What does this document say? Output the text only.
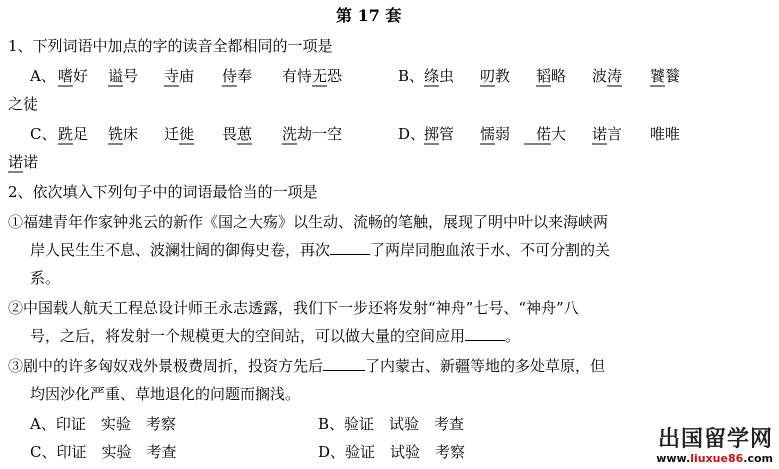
第 17 套
1、下列词语中加点的字的读音全都相同的一项是
A、 嗜好 谥号 寺庙 侍奉 有恃无恐	B、 绦虫 叨教 韬略 波涛 饕餮
之徒
C、 跣足 铣床 迁徙 畏葸 洗劫一空	D、
掷管 懦弱 偌大 诺言 唯唯
诺诺
2、依次填入下列句子中的词语最恰当的一项是
①福建青年作家钟兆云的新作《国之大殇》以生动、流畅的笔触，展现了明中叶以来海峡两
岸人民生生不息、波澜壮阔的御侮史卷，再次	了两岸同胞血浓于水、不可分割的关
系。
②中国载人航天工程总设计师王永志透露，我们下一步还将发射“神舟”七号、“神舟”八
号，之后，将发射一个规模更大的空间站，可以做大量的空间应用	。
③剧中的许多匈奴戏外景极费周折，投资方先后	了内蒙古、新疆等地的多处草原，但
均因沙化严重、草地退化的问题而搁浅。
A、印证　实验　考察	B、验证　试验　考查
C、印证　实验　考查	D、验证　试验　考察	出国留学网
www.liuxue86.com
